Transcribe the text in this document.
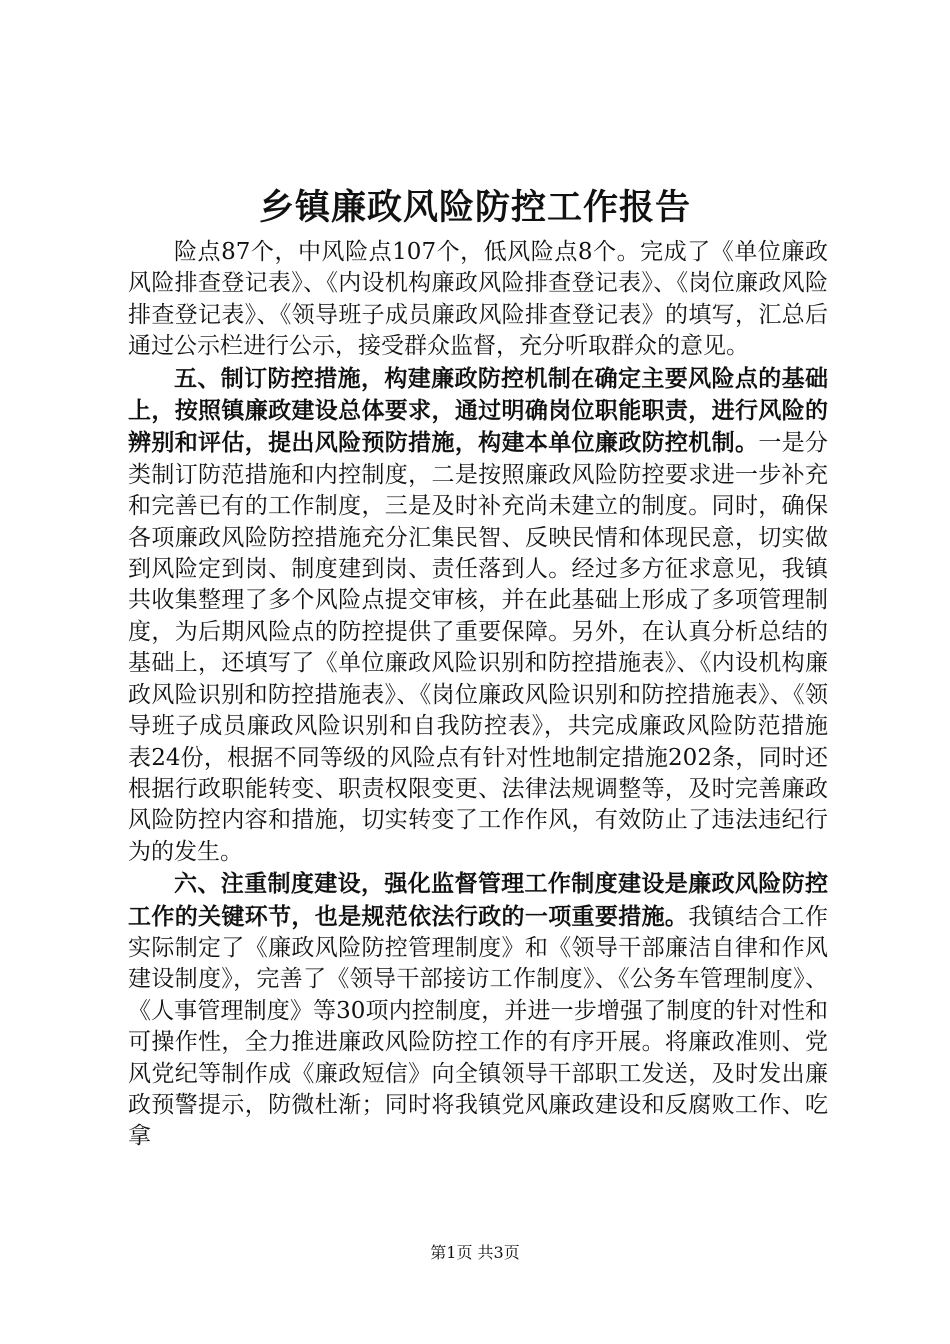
乡镇廉政风险防控工作报告

险点87个，中风险点107个，低风险点8个。完成了《单位廉政风险排查登记表》、《内设机构廉政风险排查登记表》、《岗位廉政风险排查登记表》、《领导班子成员廉政风险排查登记表》的填写，汇总后通过公示栏进行公示，接受群众监督，充分听取群众的意见。

五、制订防控措施，构建廉政防控机制在确定主要风险点的基础上，按照镇廉政建设总体要求，通过明确岗位职能职责，进行风险的辨别和评估，提出风险预防措施，构建本单位廉政防控机制。一是分类制订防范措施和内控制度，二是按照廉政风险防控要求进一步补充和完善已有的工作制度，三是及时补充尚未建立的制度。同时，确保各项廉政风险防控措施充分汇集民智、反映民情和体现民意，切实做到风险定到岗、制度建到岗、责任落到人。经过多方征求意见，我镇共收集整理了多个风险点提交审核，并在此基础上形成了多项管理制度，为后期风险点的防控提供了重要保障。另外，在认真分析总结的基础上，还填写了《单位廉政风险识别和防控措施表》、《内设机构廉政风险识别和防控措施表》、《岗位廉政风险识别和防控措施表》、《领导班子成员廉政风险识别和自我防控表》，共完成廉政风险防范措施表24份，根据不同等级的风险点有针对性地制定措施202条，同时还根据行政职能转变、职责权限变更、法律法规调整等，及时完善廉政风险防控内容和措施，切实转变了工作作风，有效防止了违法违纪行为的发生。

六、注重制度建设，强化监督管理工作制度建设是廉政风险防控工作的关键环节，也是规范依法行政的一项重要措施。我镇结合工作实际制定了《廉政风险防控管理制度》和《领导干部廉洁自律和作风建设制度》，完善了《领导干部接访工作制度》、《公务车管理制度》、《人事管理制度》等30项内控制度，并进一步增强了制度的针对性和可操作性，全力推进廉政风险防控工作的有序开展。将廉政准则、党风党纪等制作成《廉政短信》向全镇领导干部职工发送，及时发出廉政预警提示，防微杜渐；同时将我镇党风廉政建设和反腐败工作、吃拿

第1页 共3页
